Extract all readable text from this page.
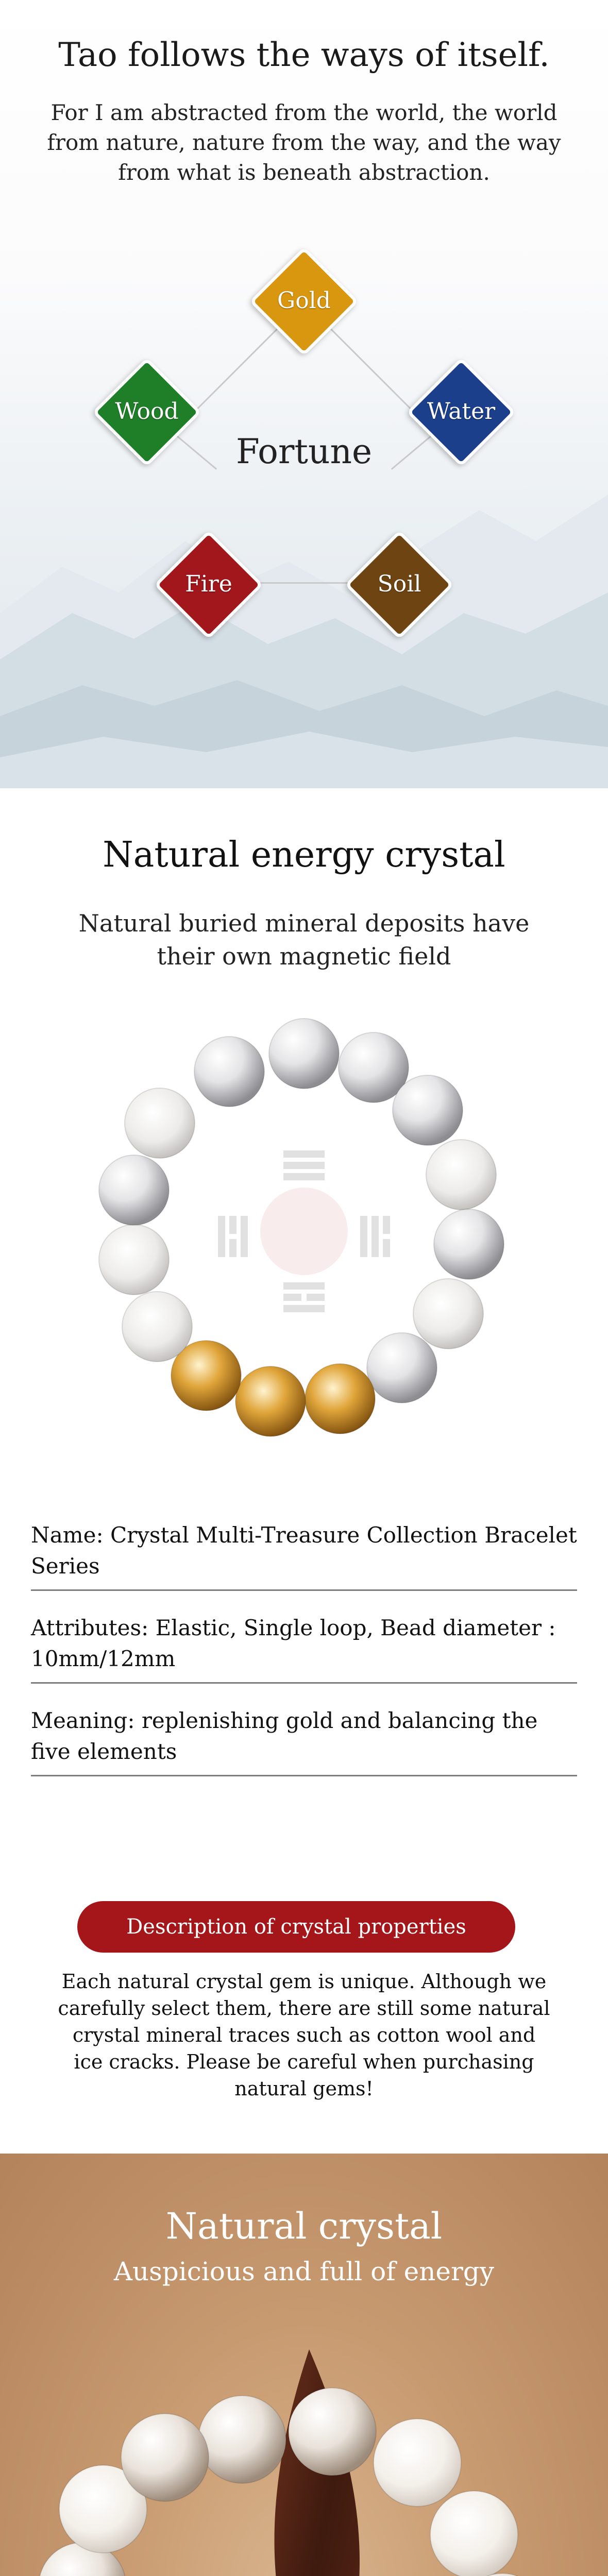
Tao follows the ways of itself.
For I am abstracted from the world, the world from nature, nature from the way, and the way from what is beneath abstraction.
Gold
Wood	Water
Fire	Soil
Fortune
Natural energy crystal
Natural buried mineral deposits have their own magnetic field
Name: Crystal Multi-Treasure Collection Bracelet Series
Attributes: Elastic, Single loop, Bead diameter : 10mm/12mm
Meaning: replenishing gold and balancing the five elements
Description of crystal properties
Each natural crystal gem is unique. Although we carefully select them, there are still some natural crystal mineral traces such as cotton wool and ice cracks. Please be careful when purchasing natural gems!
Natural crystal
Auspicious and full of energy
